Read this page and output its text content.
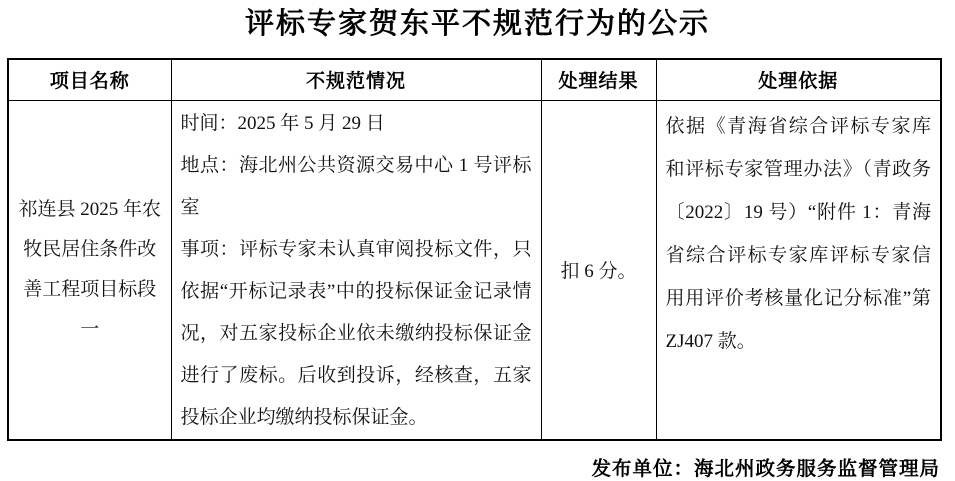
评标专家贺东平不规范行为的公示
项目名称	不规范情况	处理结果	处理依据
祁连县 2025 年农牧民居住条件改善工程项目标段一	时间：2025 年 5 月 29 日

地点：海北州公共资源交易中心 1 号评标室

事项：评标专家未认真审阅投标文件，只依据“开标记录表”中的投标保证金记录情况，对五家投标企业依未缴纳投标保证金进行了废标。后收到投诉，经核查，五家投标企业均缴纳投标保证金。	扣 6 分。	依据《青海省综合评标专家库和评标专家管理办法》（青政务〔2022〕19 号）“附件 1：青海省综合评标专家库评标专家信用用评价考核量化记分标准”第 ZJ407 款。
发布单位：海北州政务服务监督管理局
